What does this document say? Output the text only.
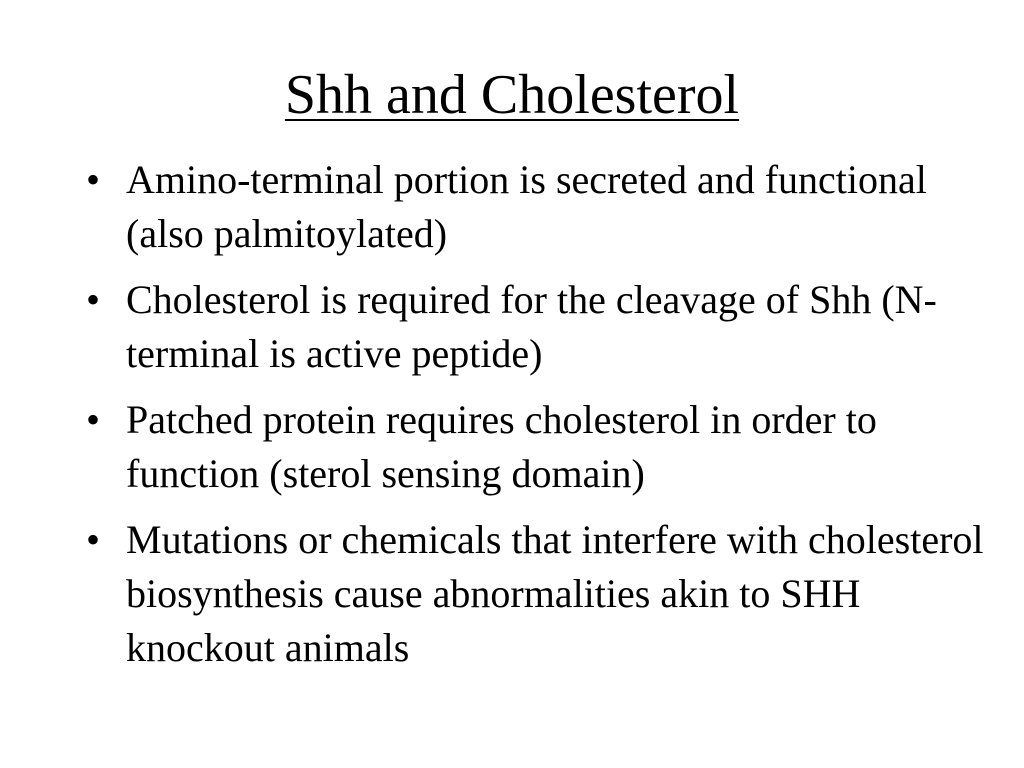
Shh and Cholesterol
• Amino-terminal portion is secreted and functional (also palmitoylated)
• Cholesterol is required for the cleavage of Shh (N-terminal is active peptide)
• Patched protein requires cholesterol in order to function (sterol sensing domain)
• Mutations or chemicals that interfere with cholesterol biosynthesis cause abnormalities akin to SHH knockout animals
